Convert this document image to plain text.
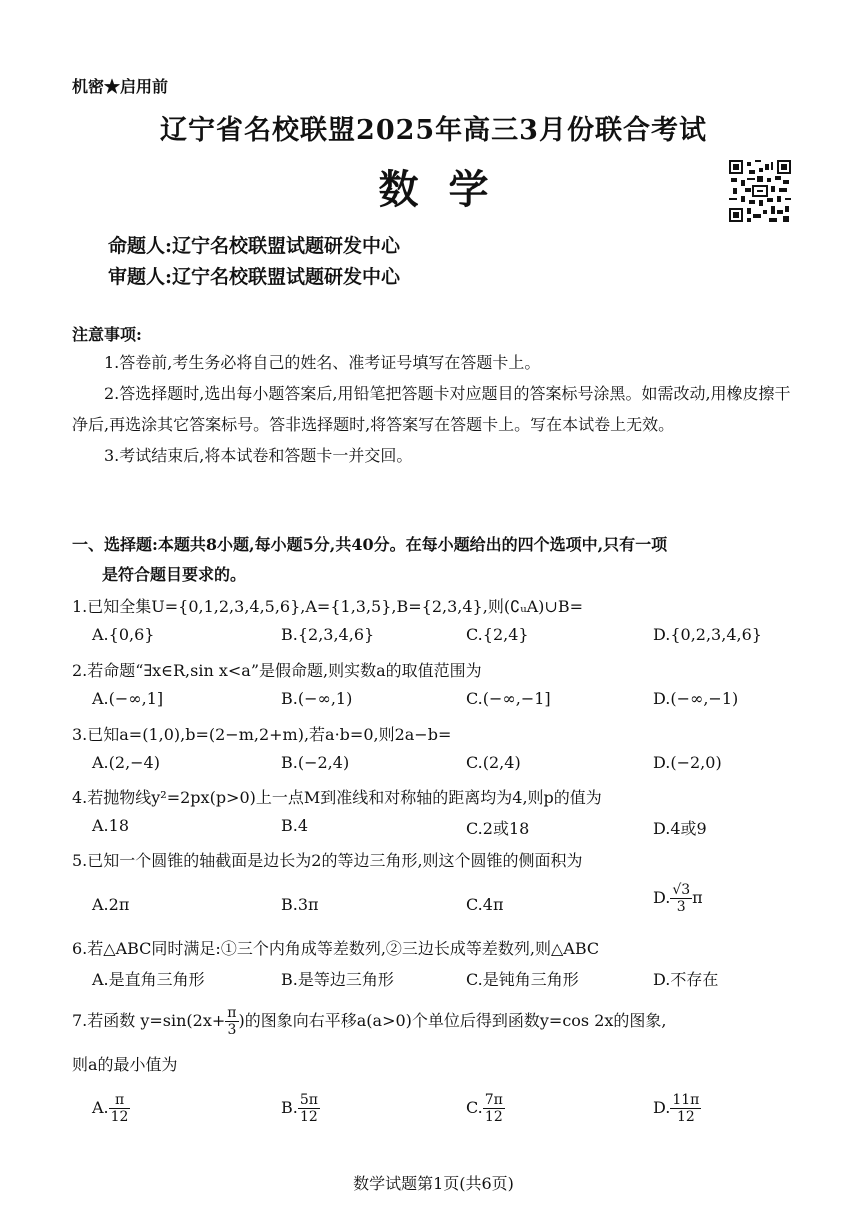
机密★启用前
辽宁省名校联盟2025年高三3月份联合考试
数学
命题人:辽宁名校联盟试题研发中心
审题人:辽宁名校联盟试题研发中心
注意事项:

1.答卷前,考生务必将自己的姓名、准考证号填写在答题卡上。

2.答选择题时,选出每小题答案后,用铅笔把答题卡对应题目的答案标号涂黑。如需改动,用橡皮擦干净后,再选涂其它答案标号。答非选择题时,将答案写在答题卡上。写在本试卷上无效。

3.考试结束后,将本试卷和答题卡一并交回。

一、选择题:本题共8小题,每小题5分,共40分。在每小题给出的四个选项中,只有一项
是符合题目要求的。
1.已知全集U={0,1,2,3,4,5,6},A={1,3,5},B={2,3,4},则(∁ᵤA)∪B=
A.{0,6}	B.{2,3,4,6}	C.{2,4}	D.{0,2,3,4,6}
2.若命题“∃x∈R,sin x<a”是假命题,则实数a的取值范围为
A.(−∞,1]	B.(−∞,1)	C.(−∞,−1]	D.(−∞,−1)
3.已知a=(1,0),b=(2−m,2+m),若a·b=0,则2a−b=
A.(2,−4)	B.(−2,4)	C.(2,4)	D.(−2,0)
4.若抛物线y²=2px(p>0)上一点M到准线和对称轴的距离均为4,则p的值为
A.18	B.4	C.2或18	D.4或9
5.已知一个圆锥的轴截面是边长为2的等边三角形,则这个圆锥的侧面积为
A.2π	B.3π	C.4π	D. $\frac{√3}{3}$ π
6.若△ABC同时满足:①三个内角成等差数列,②三边长成等差数列,则△ABC
A.是直角三角形	B.是等边三角形	C.是钝角三角形	D.不存在
7.若函数 $y=\sin(2x+ \frac{\pi}{3}$ )的图象向右平移a(a>0)个单位后得到函数y=cos 2x的图象,
则a的最小值为
A. $\frac{\pi}{12}$	B. $\frac{5\pi}{12}$	C. $\frac{7\pi}{12}$	D. $\frac{11\pi}{12}$
数学试题第1页(共6页)
